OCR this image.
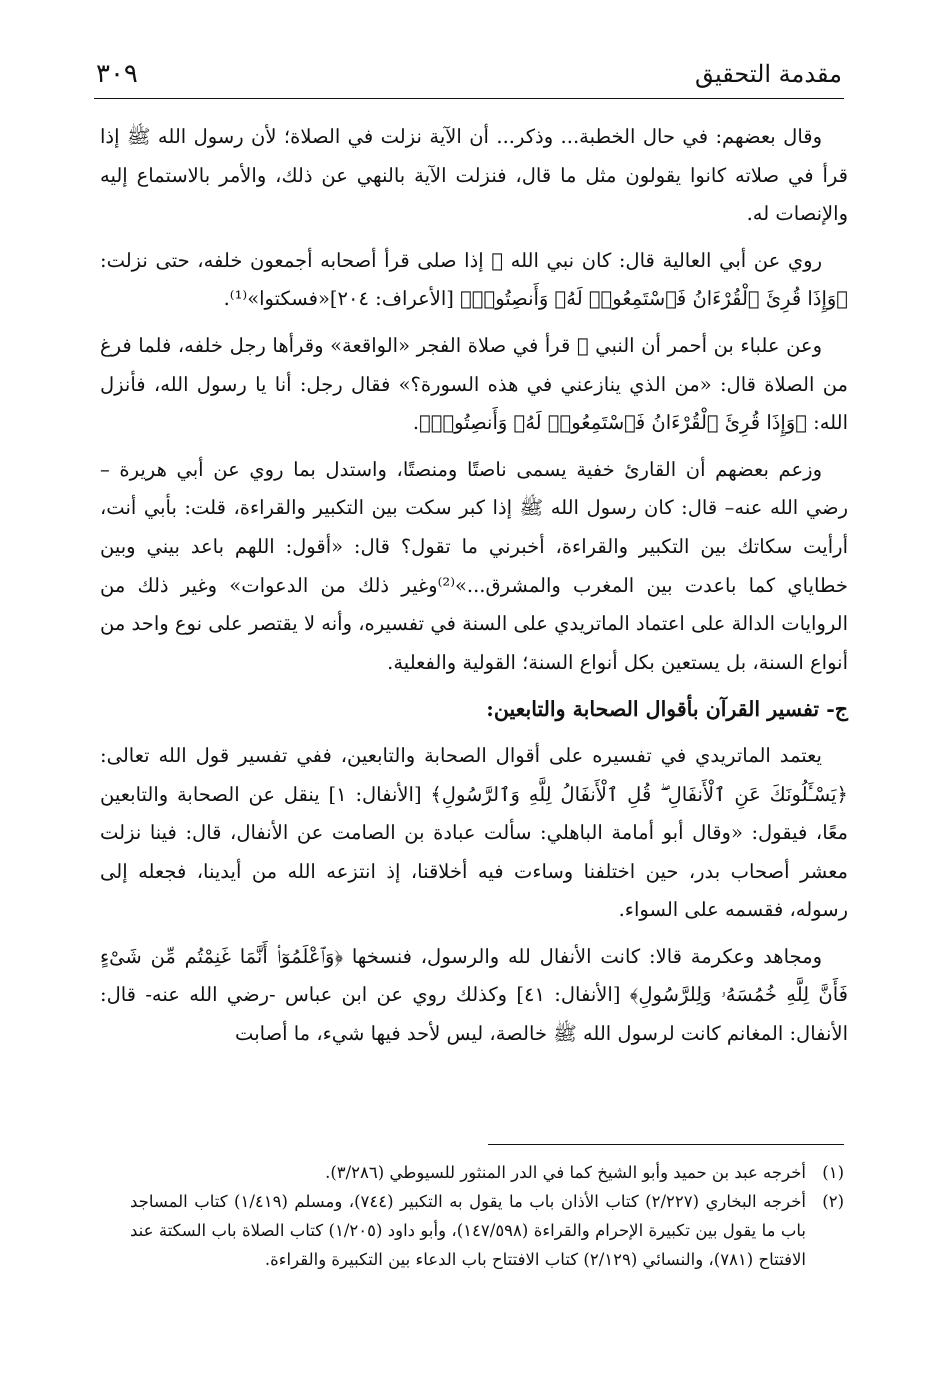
مقدمة التحقيق
٣٠٩

وقال بعضهم: في حال الخطبة... وذكر... أن الآية نزلت في الصلاة؛ لأن رسول الله ﷺ إذا قرأ في صلاته كانوا يقولون مثل ما قال، فنزلت الآية بالنهي عن ذلك، والأمر بالاستماع إليه والإنصات له.

روي عن أبي العالية قال: كان نبي الله ﷺ إذا صلى قرأ أصحابه أجمعون خلفه، حتى نزلت: ﴿وَإِذَا قُرِئَ ٱلْقُرْءَانُ فَٱسْتَمِعُوا۟ لَهُۥ وَأَنصِتُوا۟﴾ [الأعراف: ٢٠٤]«فسكتوا»⁽¹⁾.

وعن علباء بن أحمر أن النبي ﷺ قرأ في صلاة الفجر «الواقعة» وقرأها رجل خلفه، فلما فرغ من الصلاة قال: «من الذي ينازعني في هذه السورة؟» فقال رجل: أنا يا رسول الله، فأنزل الله: ﴿وَإِذَا قُرِئَ ٱلْقُرْءَانُ فَٱسْتَمِعُوا۟ لَهُۥ وَأَنصِتُوا۟﴾.

وزعم بعضهم أن القارئ خفية يسمى ناصتًا ومنصتًا، واستدل بما روي عن أبي هريرة – رضي الله عنه– قال: كان رسول الله ﷺ إذا كبر سكت بين التكبير والقراءة، قلت: بأبي أنت، أرأيت سكاتك بين التكبير والقراءة، أخبرني ما تقول؟ قال: «أقول: اللهم باعد بيني وبين خطاياي كما باعدت بين المغرب والمشرق...»⁽²⁾وغير ذلك من الدعوات» وغير ذلك من الروايات الدالة على اعتماد الماتريدي على السنة في تفسيره، وأنه لا يقتصر على نوع واحد من أنواع السنة، بل يستعين بكل أنواع السنة؛ القولية والفعلية.

ج- تفسير القرآن بأقوال الصحابة والتابعين:

يعتمد الماتريدي في تفسيره على أقوال الصحابة والتابعين، ففي تفسير قول الله تعالى: ﴿يَسْـَٔلُونَكَ عَنِ ٱلْأَنفَالِ ۖ قُلِ ٱلْأَنفَالُ لِلَّهِ وَٱلرَّسُولِ﴾ [الأنفال: ١] ينقل عن الصحابة والتابعين معًا، فيقول: «وقال أبو أمامة الباهلي: سألت عبادة بن الصامت عن الأنفال، قال: فينا نزلت معشر أصحاب بدر، حين اختلفنا وساءت فيه أخلاقنا، إذ انتزعه الله من أيدينا، فجعله إلى رسوله، فقسمه على السواء.

ومجاهد وعكرمة قالا: كانت الأنفال لله والرسول، فنسخها ﴿وَٱعْلَمُوٓا۟ أَنَّمَا غَنِمْتُم مِّن شَىْءٍ فَأَنَّ لِلَّهِ خُمُسَهُۥ وَلِلرَّسُولِ﴾ [الأنفال: ٤١] وكذلك روي عن ابن عباس -رضي الله عنه- قال: الأنفال: المغانم كانت لرسول الله ﷺ خالصة، ليس لأحد فيها شيء، ما أصابت

(١)
أخرجه عبد بن حميد وأبو الشيخ كما في الدر المنثور للسيوطي (٣/٢٨٦).
(٢)
أخرجه البخاري (٢/٢٢٧) كتاب الأذان باب ما يقول به التكبير (٧٤٤)، ومسلم (١/٤١٩) كتاب المساجد باب ما يقول بين تكبيرة الإحرام والقراءة (١٤٧/٥٩٨)، وأبو داود (١/٢٠٥) كتاب الصلاة باب السكتة عند الافتتاح (٧٨١)، والنسائي (٢/١٢٩) كتاب الافتتاح باب الدعاء بين التكبيرة والقراءة.
